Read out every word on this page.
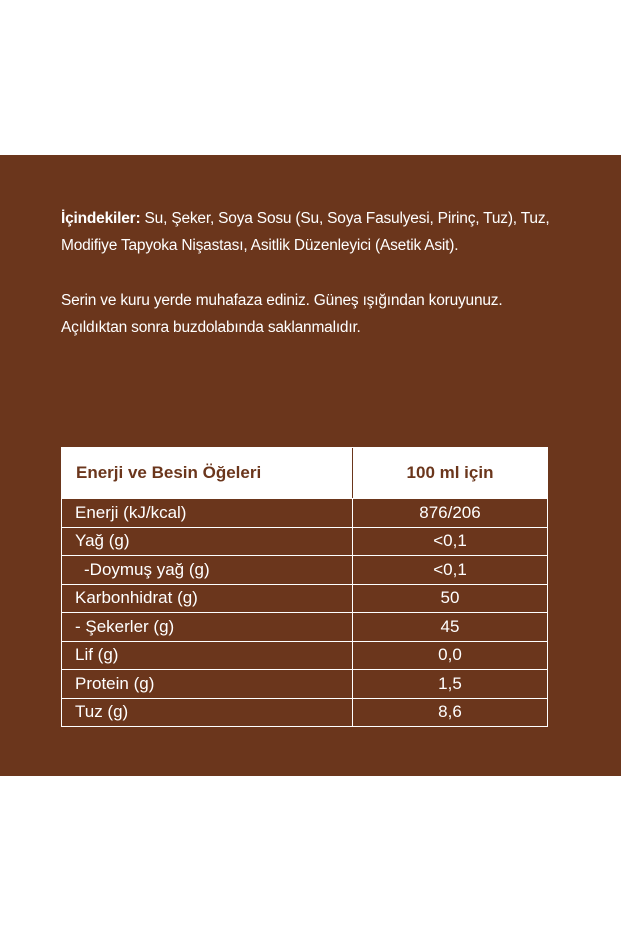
İçindekiler: Su, Şeker, Soya Sosu (Su, Soya Fasulyesi, Pirinç, Tuz), Tuz, Modifiye Tapyoka Nişastası, Asitlik Düzenleyici (Asetik Asit).

Serin ve kuru yerde muhafaza ediniz. Güneş ışığından koruyunuz. Açıldıktan sonra buzdolabında saklanmalıdır.

Enerji ve Besin Öğeleri	100 ml için
Enerji (kJ/kcal)	876/206
Yağ (g)	<0,1
-Doymuş yağ (g)	<0,1
Karbonhidrat (g)	50
- Şekerler (g)	45
Lif (g)	0,0
Protein (g)	1,5
Tuz (g)	8,6
